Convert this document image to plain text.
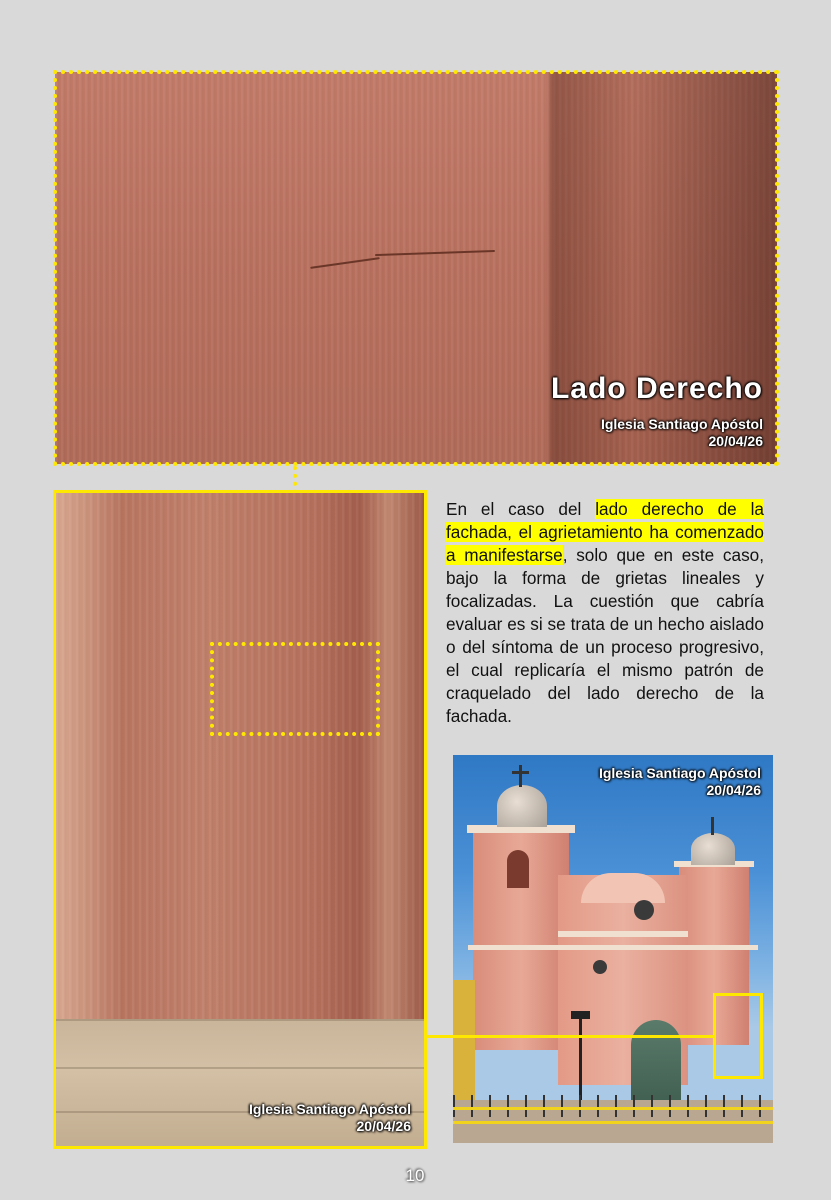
Lado Derecho
Iglesia Santiago Apóstol
20/04/26
Iglesia Santiago Apóstol
20/04/26
En el caso del lado derecho de la fachada, el agrietamiento ha comenzado a manifestarse, solo que en este caso, bajo la forma de grietas lineales y focalizadas. La cuestión que cabría evaluar es si se trata de un hecho aislado o del síntoma de un proceso progresivo, el cual replicaría el mismo patrón de craquelado del lado derecho de la fachada.
Iglesia Santiago Apóstol
20/04/26
10
